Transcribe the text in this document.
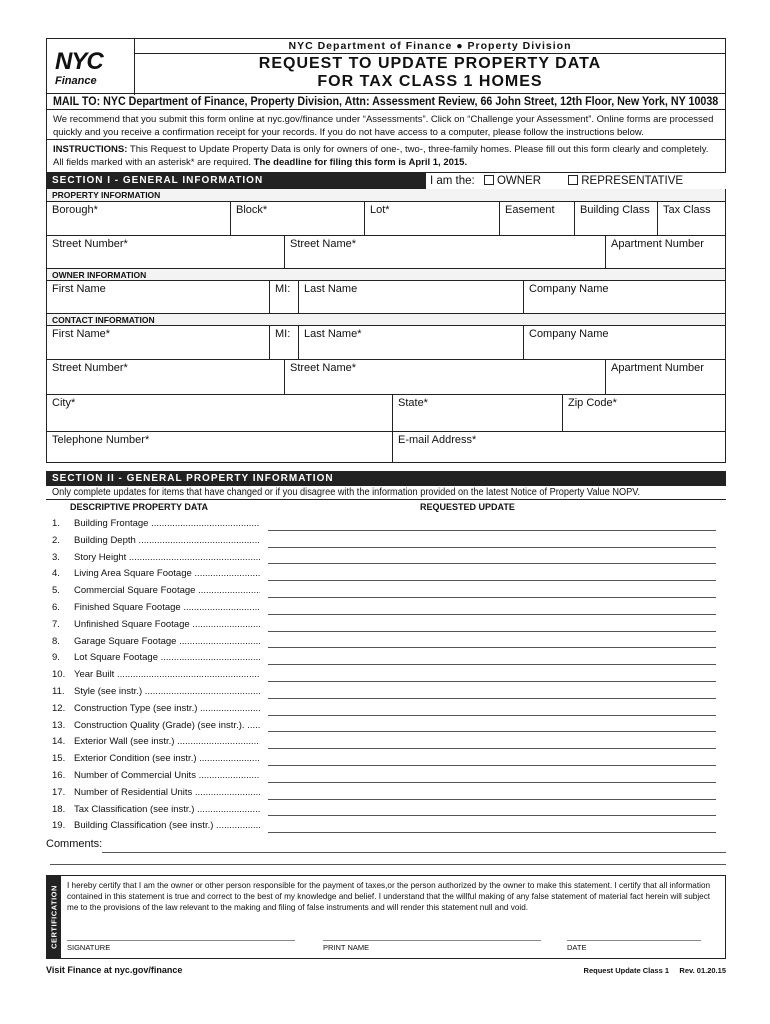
NYC
Finance
NYC Department of Finance ● Property Division
REQUEST TO UPDATE PROPERTY DATA
FOR TAX CLASS 1 HOMES
MAIL TO: NYC Department of Finance, Property Division, Attn: Assessment Review, 66 John Street, 12th Floor, New York, NY 10038
We recommend that you submit this form online at nyc.gov/finance under “Assessments”. Click on “Challenge your Assessment”. Online forms are processed quickly and you receive a confirmation receipt for your records. If you do not have access to a computer, please follow the instructions below.
INSTRUCTIONS: This Request to Update Property Data is only for owners of one-, two-, three-family homes. Please fill out this form clearly and completely. All fields marked with an asterisk* are required. The deadline for filing this form is April 1, 2015.
SECTION I - GENERAL INFORMATION	I am the: OWNER	REPRESENTATIVE
PROPERTY INFORMATION
Borough*	Block*	Lot*	Easement	Building Class	Tax Class
Street Number*	Street Name*	Apartment Number
OWNER INFORMATION
First Name	MI:	Last Name	Company Name
CONTACT INFORMATION
First Name*	MI:	Last Name*	Company Name
Street Number*	Street Name*	Apartment Number
City*	State*	Zip Code*
Telephone Number*	E-mail Address*
SECTION II - GENERAL PROPERTY INFORMATION
Only complete updates for items that have changed or if you disagree with the information provided on the latest Notice of Property Value NOPV.
DESCRIPTIVE PROPERTY DATA	REQUESTED UPDATE
1. Building Frontage .....
2. Building Depth .....
3. Story Height .....
4. Living Area Square Footage .....
5. Commercial Square Footage .....
6. Finished Square Footage .....
7. Unfinished Square Footage .....
8. Garage Square Footage .....
9. Lot Square Footage .....
10. Year Built .....
11. Style (see instr.) .....
12. Construction Type (see instr.) .....
13. Construction Quality (Grade) (see instr.). .....
14. Exterior Wall (see instr.) .....
15. Exterior Condition (see instr.) .....
16. Number of Commercial Units .....
17. Number of Residential Units .....
18. Tax Classification (see instr.) .....
19. Building Classification (see instr.) .....
Comments:
CERTIFICATION I hereby certify that I am the owner or other person responsible for the payment of taxes,or the person authorized by the owner to make this statement. I certify that all information contained in this statement is true and correct to the best of my knowledge and belief. I understand that the willful making of any false statement of material fact herein will subject me to the provisions of the law relevant to the making and filing of false instruments and will render this statement null and void.
SIGNATURE	PRINT NAME	DATE
Visit Finance at nyc.gov/finance	Request Update Class 1 Rev. 01.20.15
